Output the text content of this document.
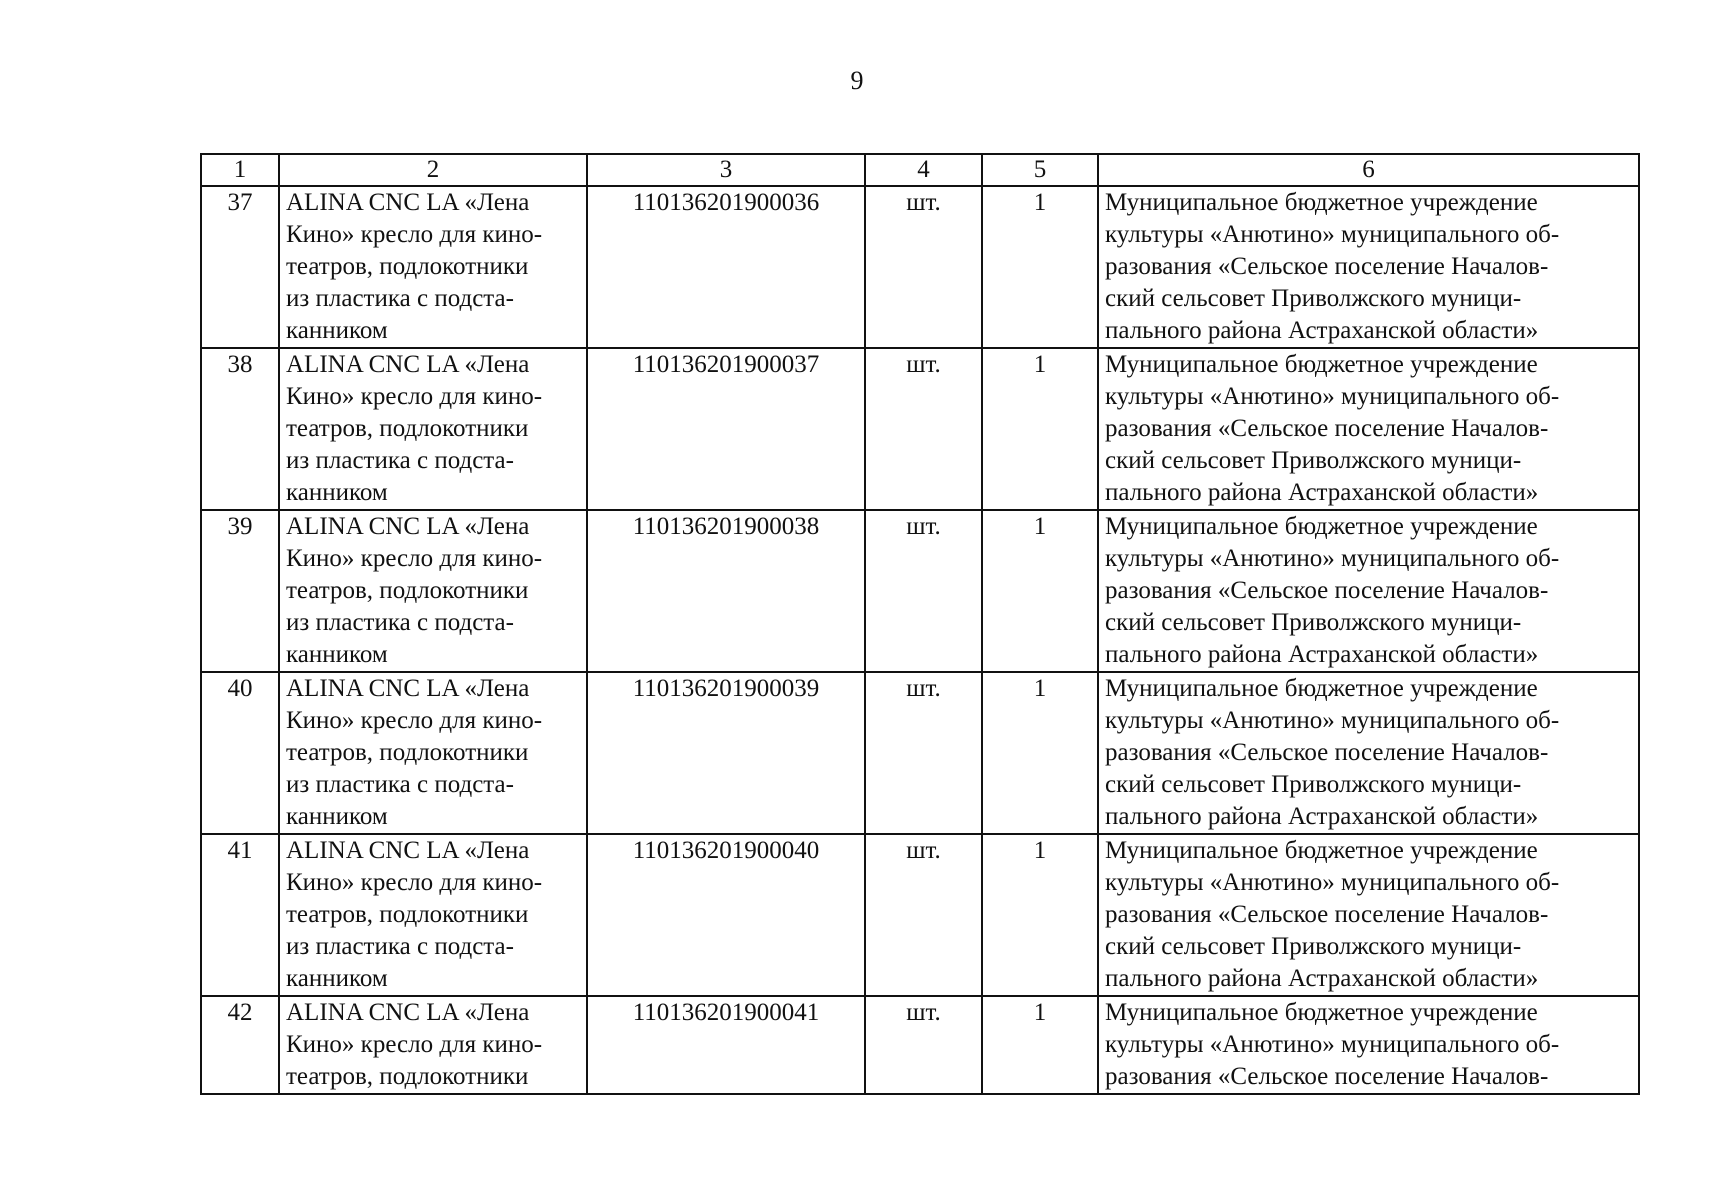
9
1	2	3	4	5	6
37	ALINA CNC LA «Лена
Кино» кресло для кино-
театров, подлокотники
из пластика с подста-
канником	110136201900036	шт.	1	Муниципальное бюджетное учреждение
культуры «Анютино» муниципального об-
разования «Сельское поселение Началов-
ский сельсовет Приволжского муници-
пального района Астраханской области»

38	ALINA CNC LA «Лена
Кино» кресло для кино-
театров, подлокотники
из пластика с подста-
канником	110136201900037	шт.	1	Муниципальное бюджетное учреждение
культуры «Анютино» муниципального об-
разования «Сельское поселение Началов-
ский сельсовет Приволжского муници-
пального района Астраханской области»

39	ALINA CNC LA «Лена
Кино» кресло для кино-
театров, подлокотники
из пластика с подста-
канником	110136201900038	шт.	1	Муниципальное бюджетное учреждение
культуры «Анютино» муниципального об-
разования «Сельское поселение Началов-
ский сельсовет Приволжского муници-
пального района Астраханской области»

40	ALINA CNC LA «Лена
Кино» кресло для кино-
театров, подлокотники
из пластика с подста-
канником	110136201900039	шт.	1	Муниципальное бюджетное учреждение
культуры «Анютино» муниципального об-
разования «Сельское поселение Началов-
ский сельсовет Приволжского муници-
пального района Астраханской области»

41	ALINA CNC LA «Лена
Кино» кресло для кино-
театров, подлокотники
из пластика с подста-
канником	110136201900040	шт.	1	Муниципальное бюджетное учреждение
культуры «Анютино» муниципального об-
разования «Сельское поселение Началов-
ский сельсовет Приволжского муници-
пального района Астраханской области»

42	ALINA CNC LA «Лена
Кино» кресло для кино-
театров, подлокотники	110136201900041	шт.	1	Муниципальное бюджетное учреждение
культуры «Анютино» муниципального об-
разования «Сельское поселение Началов-
